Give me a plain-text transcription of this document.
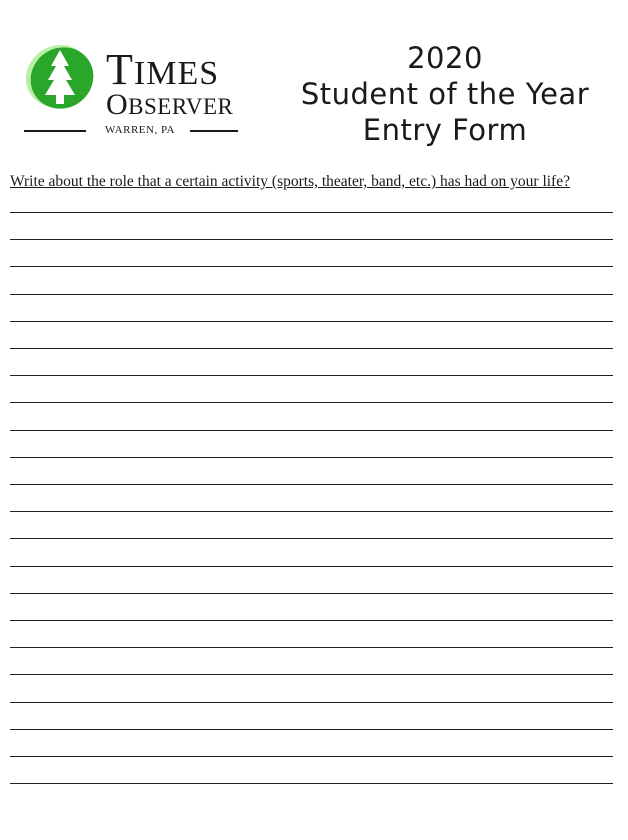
TIMES
OBSERVER
WARREN, PA
2020
Student of the Year
Entry Form
Write about the role that a certain activity (sports, theater, band, etc.) has had on your life?
